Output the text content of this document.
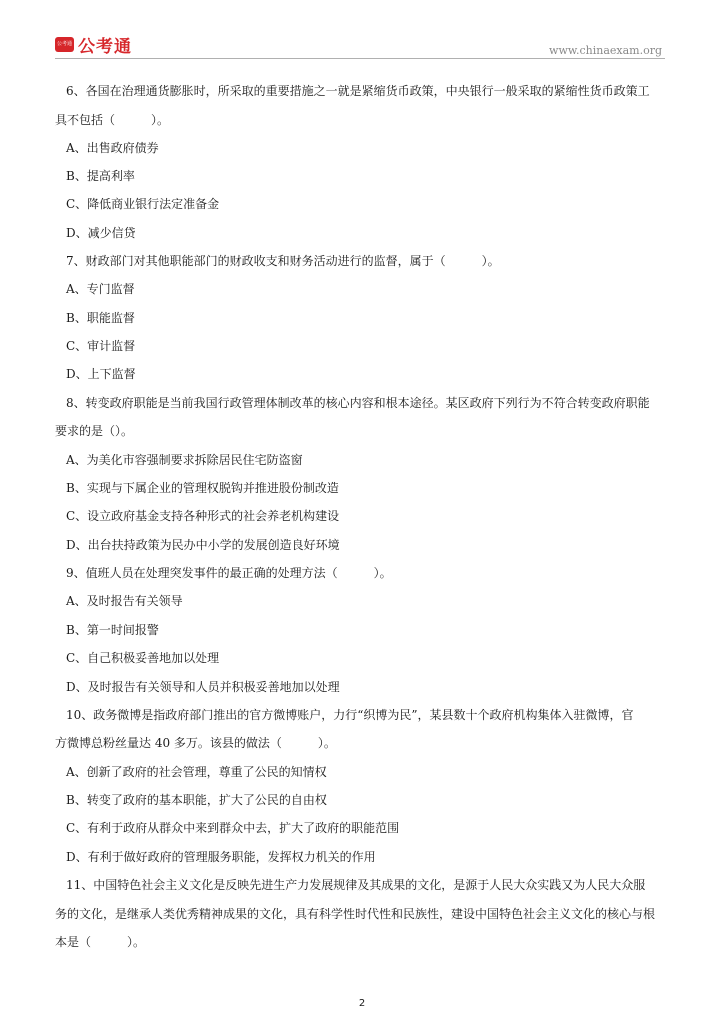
公考通 公考通	www.chinaexam.org
6、各国在治理通货膨胀时，所采取的重要措施之一就是紧缩货币政策，中央银行一般采取的紧缩性货币政策工
具不包括（　　　）。
A、出售政府债券
B、提高利率
C、降低商业银行法定准备金
D、减少信贷
7、财政部门对其他职能部门的财政收支和财务活动进行的监督，属于（　　　）。
A、专门监督
B、职能监督
C、审计监督
D、上下监督
8、转变政府职能是当前我国行政管理体制改革的核心内容和根本途径。某区政府下列行为不符合转变政府职能
要求的是（）。
A、为美化市容强制要求拆除居民住宅防盗窗
B、实现与下属企业的管理权脱钩并推进股份制改造
C、设立政府基金支持各种形式的社会养老机构建设
D、出台扶持政策为民办中小学的发展创造良好环境
9、值班人员在处理突发事件的最正确的处理方法（　　　）。
A、及时报告有关领导
B、第一时间报警
C、自己积极妥善地加以处理
D、及时报告有关领导和人员并积极妥善地加以处理
10、政务微博是指政府部门推出的官方微博账户，力行“织博为民”，某县数十个政府机构集体入驻微博，官
方微博总粉丝量达 40 多万。该县的做法（　　　）。
A、创新了政府的社会管理，尊重了公民的知情权
B、转变了政府的基本职能，扩大了公民的自由权
C、有利于政府从群众中来到群众中去，扩大了政府的职能范围
D、有利于做好政府的管理服务职能，发挥权力机关的作用
11、中国特色社会主义文化是反映先进生产力发展规律及其成果的文化，是源于人民大众实践又为人民大众服
务的文化，是继承人类优秀精神成果的文化，具有科学性时代性和民族性，建设中国特色社会主义文化的核心与根
本是（　　　）。
2
